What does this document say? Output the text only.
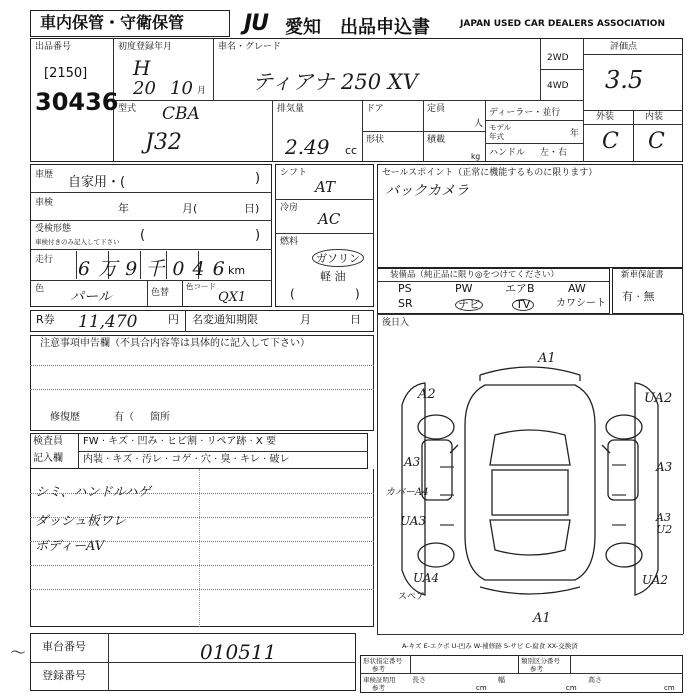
車内保管・守衛保管	JU 愛知 出品申込書	JAPAN USED CAR DEALERS ASSOCIATION
出品番号
[2150]
30436
初度登録年月
H
20 10 月
車名・グレード
ティアナ 250 XV
2WD
4WD
評価点
3.5
外装	内装
C C
型式 CBA
J32
排気量
2.49 cc
ドア
形状
定員
人
積載
kg
ディーラー・並行
モデル
年式	年
ハンドル 左・右
車歴 自家用・(	)
車検	年	月(	日)
受検形態
車検付きのみ記入して下さい (	)
走行 6 万 9 千 0 4 6 km
色 パール	色替
色コード
QX1
シフト
AT
冷房
AC
燃料
ガソリン
軽 油
(	)
セールスポイント（正常に機能するものに限ります）
バックカメラ
装備品（純正品に限り◎をつけてください）
PS	PW	エアB	AW
SR	ナビ	TV	カワシート
新車保証書
有 · 無
R券 11,470	円 名変通知期限	月	日 後日入
注意事項申告欄（不具合内容等は具体的に記入して下さい）
修復歴	有（ 箇所
検査員
記入欄
FW · キズ · 凹み · ヒビ割 · リペア跡 · X 要
内装 · キズ · 汚レ · コゲ · 穴 · 臭 · キレ · 破レ
シミ、ハンドルハゲ
ダッシュ板ワレ
ボディーAV
A1
A2	UA2
A3	A3
カバーA4
UA3	A3 U2
UA4	UA2
A1
スペア
A-キズ E-エクボ U-凹み W-補修跡 S-サビ C-腐食 XX-交換済
車台番号	010511
登録番号
〜	形状指定番号
参考
類別区分番号
参考
車検証明用
参考
長さ
cm
幅
cm
高さ
cm
